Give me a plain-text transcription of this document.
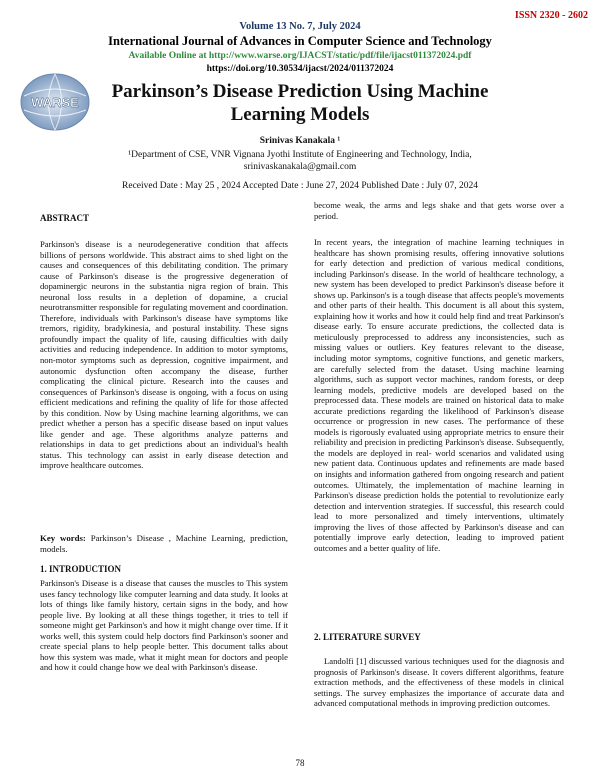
ISSN 2320 - 2602
Volume 13 No. 7, July 2024
International Journal of Advances in Computer Science and Technology
Available Online at http://www.warse.org/IJACST/static/pdf/file/ijacst011372024.pdf
https://doi.org/10.30534/ijacst/2024/011372024
WARSE
Parkinson’s Disease Prediction Using Machine Learning Models
Srinivas Kanakala ¹
¹Department of CSE, VNR Vignana Jyothi Institute of Engineering and Technology, India,
srinivaskanakala@gmail.com
Received Date : May 25 , 2024 Accepted Date : June 27, 2024 Published Date : July 07, 2024
ABSTRACT
Parkinson's disease is a neurodegenerative condition that affects billions of persons worldwide. This abstract aims to shed light on the causes and consequences of this debilitating condition. The primary cause of Parkinson's disease is the progressive degeneration of dopaminergic neurons in the substantia nigra region of brain. This neuronal loss results in a depletion of dopamine, a crucial neurotransmitter responsible for regulating movement and coordination. Therefore, individuals with Parkinson's disease have symptoms like tremors, rigidity, bradykinesia, and postural instability. These signs profoundly impact the quality of life, causing difficulties with daily activities and reducing independence. In addition to motor symptoms, non-motor symptoms such as depression, cognitive impairment, and autonomic dysfunction often accompany the disease, further complicating the clinical picture. Research into the causes and consequences of Parkinson's disease is ongoing, with a focus on using efficient medications and refining the quality of life for those affected by this condition. Now by Using machine learning algorithms, we can predict whether a person has a specific disease based on input values like gender and age. These algorithms analyze patterns and relationships in data to get predictions about an individual's health status. This technology can assist in early disease detection and improve healthcare outcomes.
Key words: Parkinson’s Disease , Machine Learning, prediction, models.
1. INTRODUCTION
Parkinson's Disease is a disease that causes the muscles to This system uses fancy technology like computer learning and data study. It looks at lots of things like family history, certain signs in the body, and how people live. By looking at all these things together, it tries to tell if someone might get Parkinson's and how it might change over time. If it works well, this system could help doctors find Parkinson's sooner and create special plans to help people better. This document talks about how this system was made, what it might mean for doctors and people and how it could change how we deal with Parkinson's disease.
become weak, the arms and legs shake and that gets worse over a period.
In recent years, the integration of machine learning techniques in healthcare has shown promising results, offering innovative solutions for early detection and prediction of various medical conditions, including Parkinson's disease. In the world of healthcare technology, a new system has been developed to predict Parkinson's disease before it shows up. Parkinson's is a tough disease that affects people's movements and other parts of their health. This document is all about this system, explaining how it works and how it could help find and treat Parkinson's disease early. To ensure accurate predictions, the collected data is meticulously preprocessed to address any inconsistencies, such as missing values or outliers. Key features relevant to the disease, including motor symptoms, cognitive functions, and genetic markers, are carefully selected from the dataset. Using machine learning algorithms, such as support vector machines, random forests, or deep learning models, predictive models are developed based on the preprocessed data. These models are trained on historical data to make accurate predictions regarding the likelihood of Parkinson's disease occurrence or progression in new cases. The performance of these models is rigorously evaluated using appropriate metrics to ensure their reliability and precision in predicting Parkinson's disease. Subsequently, the models are deployed in real- world scenarios and validated using new patient data. Continuous updates and refinements are made based on insights and information gathered from ongoing research and patient outcomes. Ultimately, the implementation of machine learning in Parkinson's disease prediction holds the potential to revolutionize early detection and intervention strategies. If successful, this research could lead to more personalized and timely interventions, ultimately improving the lives of those affected by Parkinson's disease and can potentially improve early detection, leading to improved patient outcomes and a better quality of life.
2. LITERATURE SURVEY
Landolfi [1] discussed various techniques used for the diagnosis and prognosis of Parkinson's disease. It covers different algorithms, feature extraction methods, and the effectiveness of these models in clinical settings. The survey emphasizes the importance of accurate data and advanced computational methods in improving prediction outcomes.
78
